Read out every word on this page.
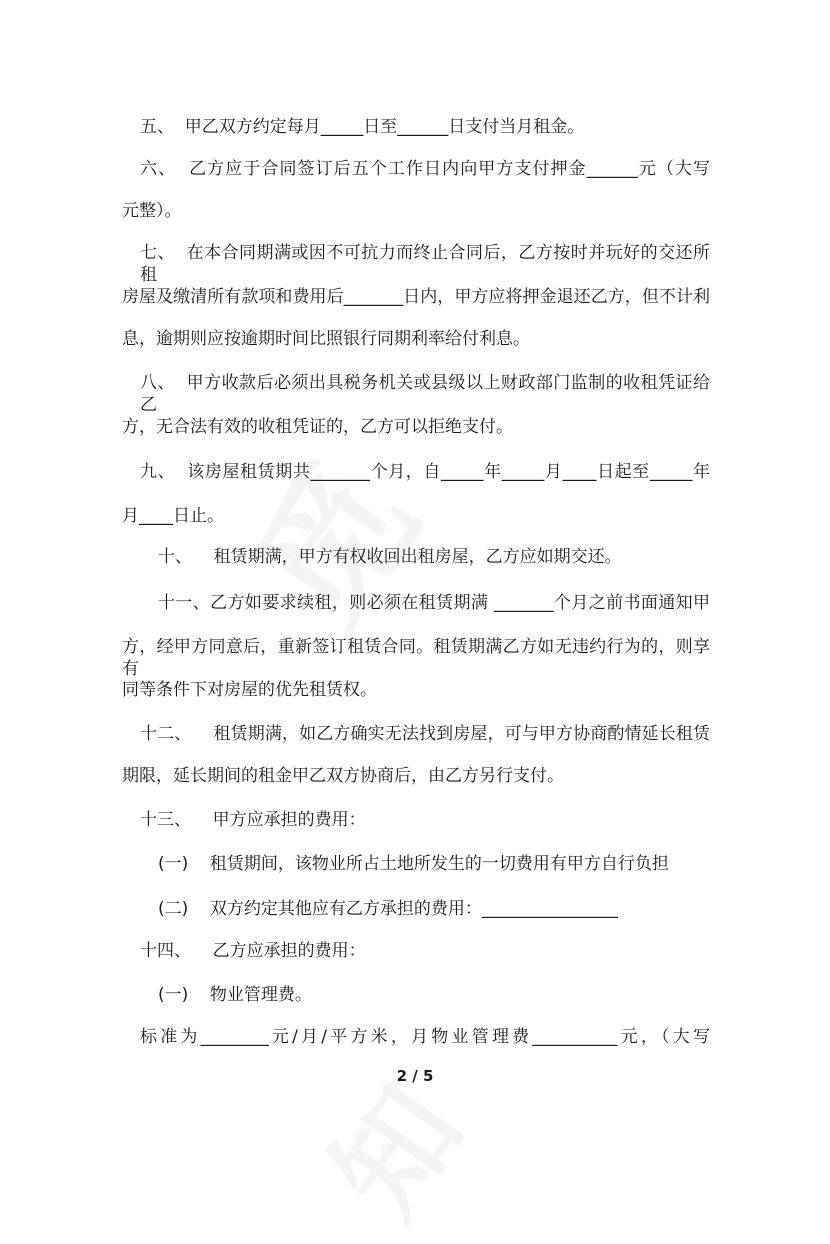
五、  甲乙双方约定每月_____日至______日支付当月租金。
六、  乙方应于合同签订后五个工作日内向甲方支付押金______元（大写
元整）。
七、  在本合同期满或因不可抗力而终止合同后，乙方按时并玩好的交还所租
房屋及缴清所有款项和费用后_______日内，甲方应将押金退还乙方，但不计利
息，逾期则应按逾期时间比照银行同期利率给付利息。
八、  甲方收款后必须出具税务机关或县级以上财政部门监制的收租凭证给乙
方，无合法有效的收租凭证的，乙方可以拒绝支付。
九、  该房屋租赁期共_______个月，自_____年_____月____日起至_____年
月____日止。
十、    租赁期满，甲方有权收回出租房屋，乙方应如期交还。
十一、乙方如要求续租，则必须在租赁期满 _______个月之前书面通知甲
方，经甲方同意后，重新签订租赁合同。租赁期满乙方如无违约行为的，则享有
同等条件下对房屋的优先租赁权。
十二、    租赁期满，如乙方确实无法找到房屋，可与甲方协商酌情延长租赁
期限，延长期间的租金甲乙双方协商后，由乙方另行支付。
十三、    甲方应承担的费用：
(一)    租赁期间，该物业所占土地所发生的一切费用有甲方自行负担
(二)    双方约定其他应有乙方承担的费用：________________
十四、    乙方应承担的费用：
(一)    物业管理费。
标准为________元/月/平方米，月物业管理费__________元，（大写
2 / 5
